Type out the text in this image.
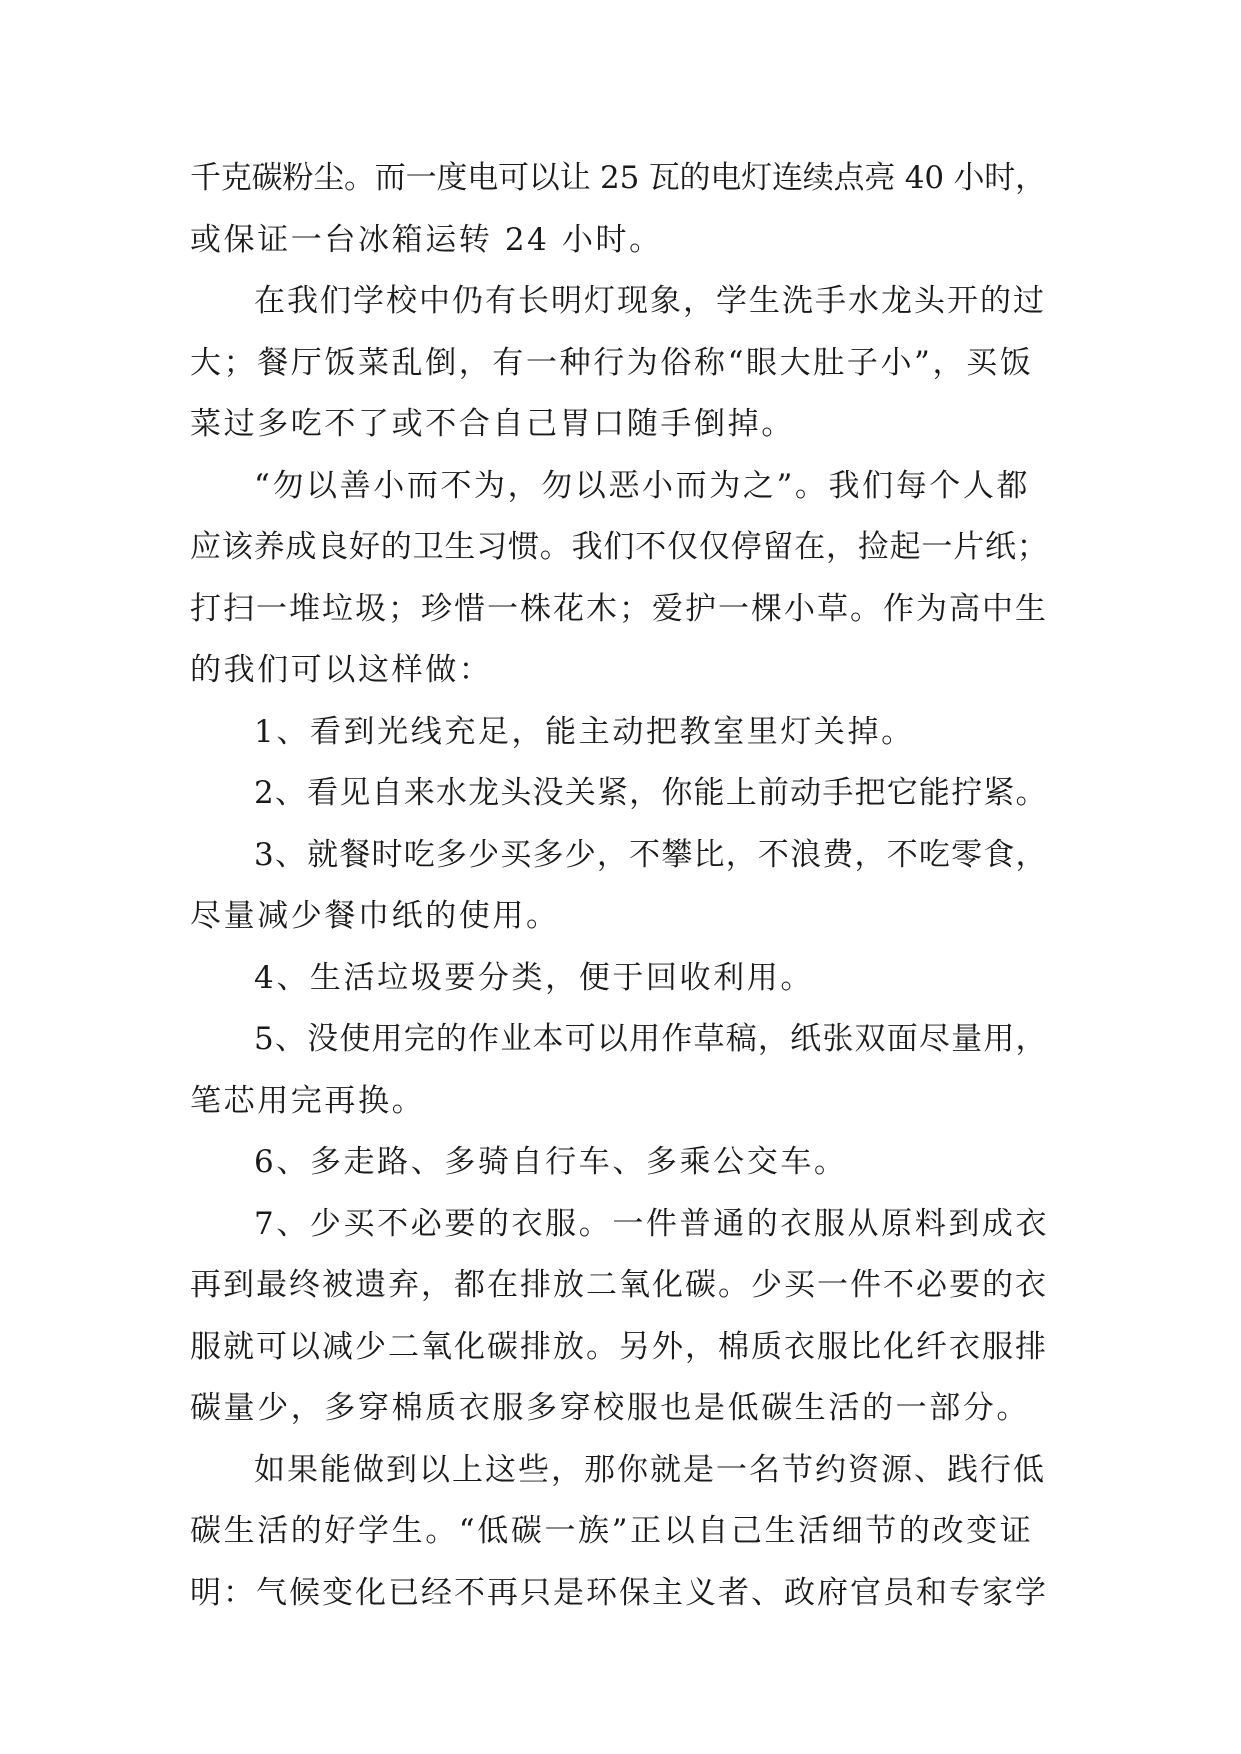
千克碳粉尘。而一度电可以让 25 瓦的电灯连续点亮 40 小时，
或保证一台冰箱运转 24 小时。
在我们学校中仍有长明灯现象，学生洗手水龙头开的过
大；餐厅饭菜乱倒，有一种行为俗称“眼大肚子小”，买饭
菜过多吃不了或不合自己胃口随手倒掉。
“勿以善小而不为，勿以恶小而为之”。我们每个人都
应该养成良好的卫生习惯。我们不仅仅停留在，捡起一片纸；
打扫一堆垃圾；珍惜一株花木；爱护一棵小草。作为高中生
的我们可以这样做：
1、看到光线充足，能主动把教室里灯关掉。
2、看见自来水龙头没关紧，你能上前动手把它能拧紧。
3、就餐时吃多少买多少，不攀比，不浪费，不吃零食，
尽量减少餐巾纸的使用。
4、生活垃圾要分类，便于回收利用。
5、没使用完的作业本可以用作草稿，纸张双面尽量用，
笔芯用完再换。
6、多走路、多骑自行车、多乘公交车。
7、少买不必要的衣服。一件普通的衣服从原料到成衣
再到最终被遗弃，都在排放二氧化碳。少买一件不必要的衣
服就可以减少二氧化碳排放。另外，棉质衣服比化纤衣服排
碳量少，多穿棉质衣服多穿校服也是低碳生活的一部分。
如果能做到以上这些，那你就是一名节约资源、践行低
碳生活的好学生。“低碳一族”正以自己生活细节的改变证
明：气候变化已经不再只是环保主义者、政府官员和专家学
